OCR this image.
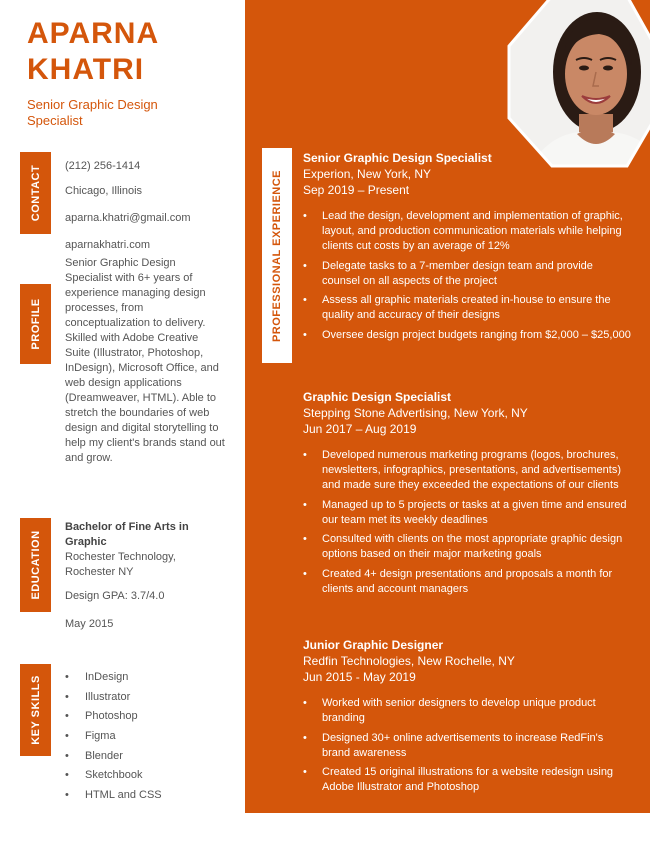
APARNA
KHATRI
Senior Graphic Design Specialist
CONTACT (212) 256-1414
Chicago, Illinois
aparna.khatri@gmail.com
aparnakhatri.com
PROFILE
Senior Graphic Design Specialist with 6+ years of experience managing design processes, from conceptualization to delivery. Skilled with Adobe Creative Suite (Illustrator, Photoshop, InDesign), Microsoft Office, and web design applications (Dreamweaver, HTML). Able to stretch the boundaries of web design and digital storytelling to help my client's brands stand out and grow.
EDUCATION
Bachelor of Fine Arts in Graphic
Rochester Technology, Rochester NY
Design GPA: 3.7/4.0
May 2015
KEY SKILLS
•	InDesign
• Illustrator
• Photoshop
• Figma
• Blender
• Sketchbook
• HTML and CSS
PROFESSIONAL EXPERIENCE
Senior Graphic Design Specialist
Experion, New York, NY
Sep 2019 – Present
• Lead the design, development and implementation of graphic, layout, and production communication materials while helping clients cut costs by an average of 12%
• Delegate tasks to a 7-member design team and provide counsel on all aspects of the project
• Assess all graphic materials created in-house to ensure the quality and accuracy of their designs
• Oversee design project budgets ranging from $2,000 – $25,000
Graphic Design Specialist
Stepping Stone Advertising, New York, NY
Jun 2017 – Aug 2019
• Developed numerous marketing programs (logos, brochures, newsletters, infographics, presentations, and advertisements) and made sure they exceeded the expectations of our clients
• Managed up to 5 projects or tasks at a given time and ensured our team met its weekly deadlines
• Consulted with clients on the most appropriate graphic design options based on their major marketing goals
• Created 4+ design presentations and proposals a month for clients and account managers
Junior Graphic Designer
Redfin Technologies, New Rochelle, NY
Jun 2015 - May 2019
• Worked with senior designers to develop unique product branding
• Designed 30+ online advertisements to increase RedFin's brand awareness
• Created 15 original illustrations for a website redesign using Adobe Illustrator and Photoshop
